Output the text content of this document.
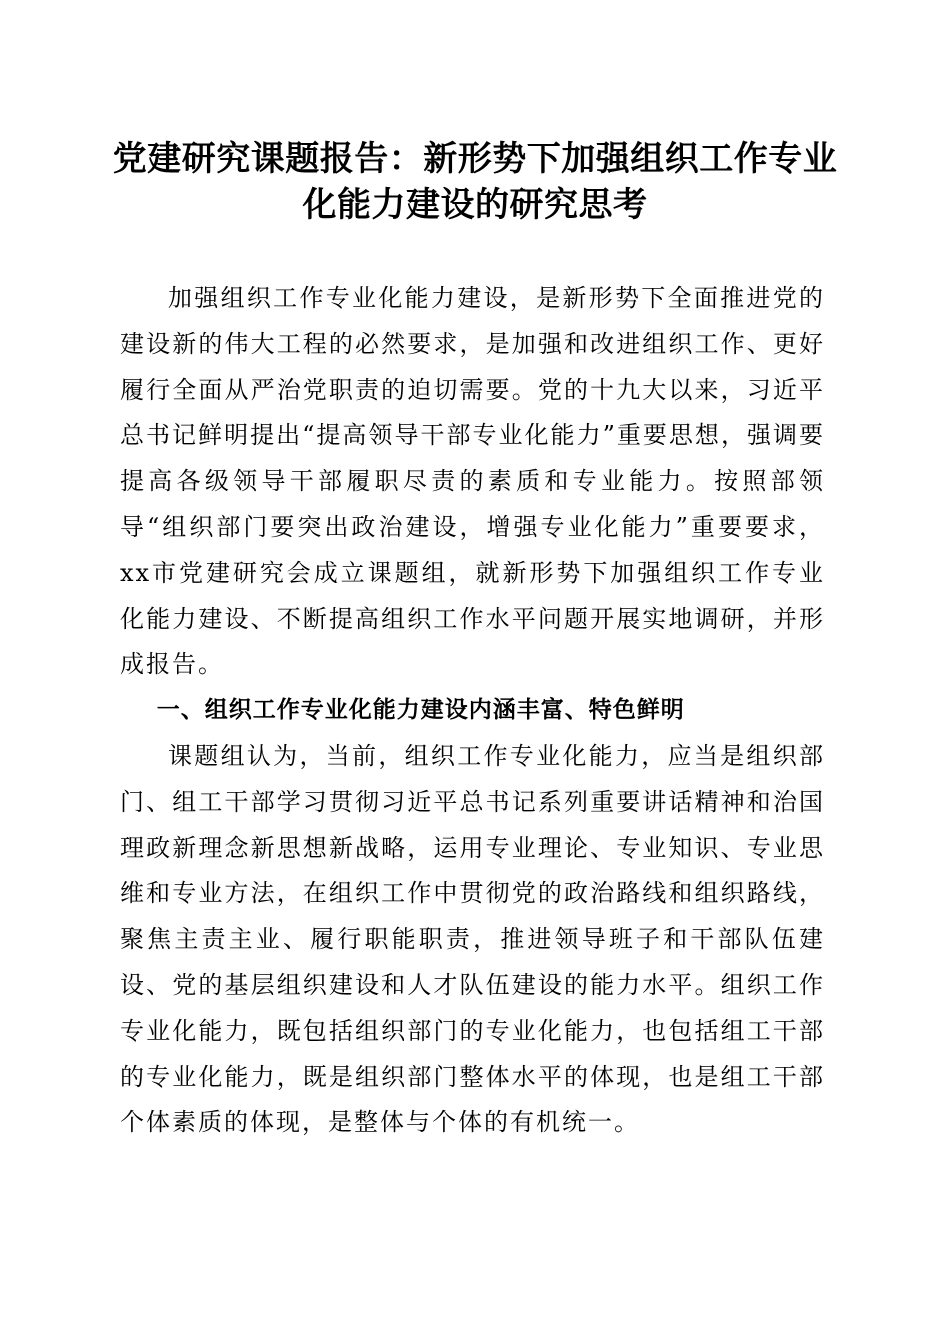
党建研究课题报告：新形势下加强组织工作专业化能力建设的研究思考

加强组织工作专业化能力建设，是新形势下全面推进党的建设新的伟大工程的必然要求，是加强和改进组织工作、更好履行全面从严治党职责的迫切需要。党的十九大以来，习近平总书记鲜明提出“提高领导干部专业化能力”重要思想，强调要提高各级领导干部履职尽责的素质和专业能力。按照部领导“组织部门要突出政治建设，增强专业化能力”重要要求，xx市党建研究会成立课题组，就新形势下加强组织工作专业化能力建设、不断提高组织工作水平问题开展实地调研，并形成报告。

一、组织工作专业化能力建设内涵丰富、特色鲜明

课题组认为，当前，组织工作专业化能力，应当是组织部门、组工干部学习贯彻习近平总书记系列重要讲话精神和治国理政新理念新思想新战略，运用专业理论、专业知识、专业思维和专业方法，在组织工作中贯彻党的政治路线和组织路线，聚焦主责主业、履行职能职责，推进领导班子和干部队伍建设、党的基层组织建设和人才队伍建设的能力水平。组织工作专业化能力，既包括组织部门的专业化能力，也包括组工干部的专业化能力，既是组织部门整体水平的体现，也是组工干部个体素质的体现，是整体与个体的有机统一。
